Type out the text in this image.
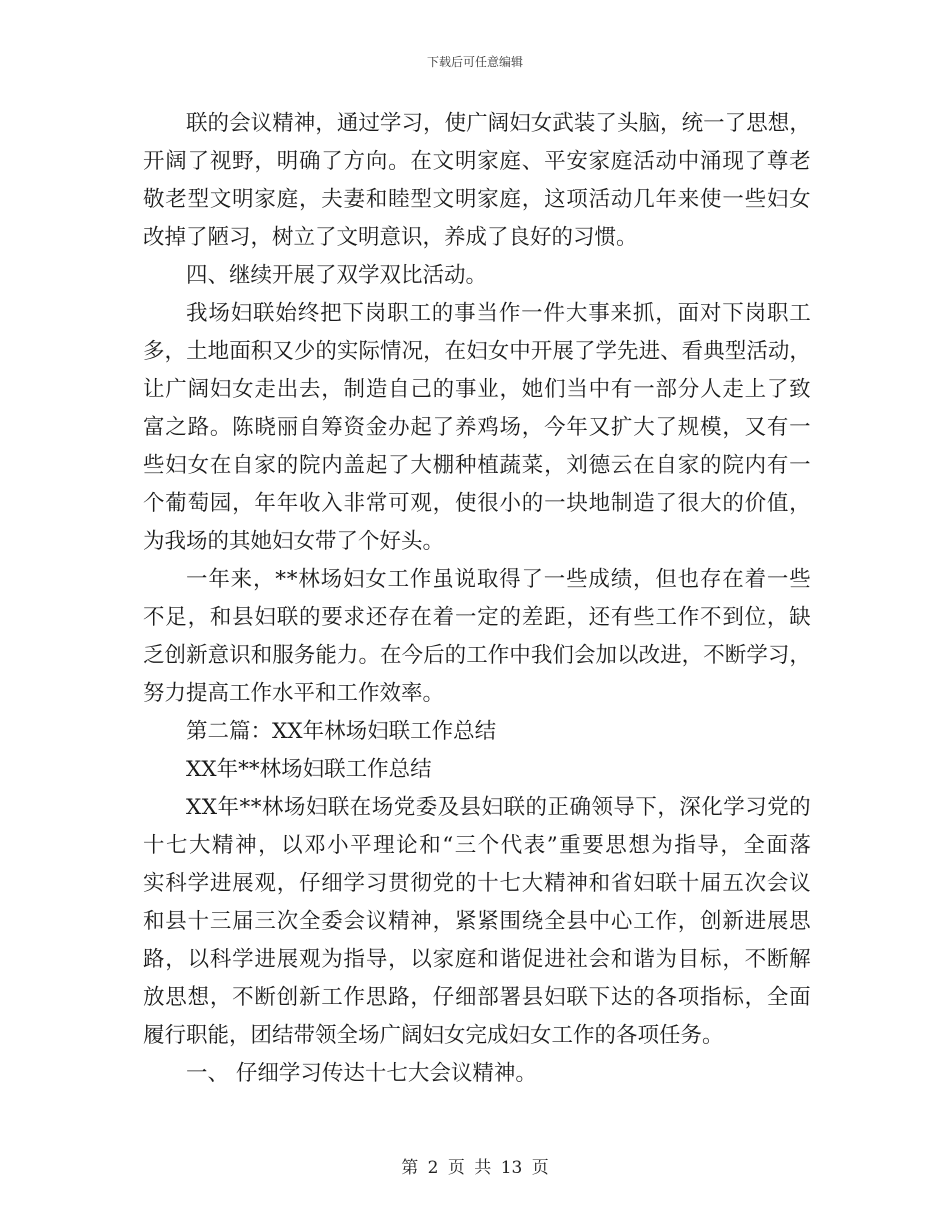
下载后可任意编辑
联 的 会 议 精 神 ， 通 过 学 习 ， 使 广 阔 妇 女 武 装 了 头 脑 ， 统 一 了 思 想 ，
开 阔 了 视 野 ， 明 确 了 方 向 。 在 文 明 家 庭 、 平 安 家 庭 活 动 中 涌 现 了 尊 老
敬 老 型 文 明 家 庭 ， 夫 妻 和 睦 型 文 明 家 庭 ， 这 项 活 动 几 年 来 使 一 些 妇 女
改掉了陋习，树立了文明意识，养成了良好的习惯。
四、继续开展了双学双比活动。
我 场 妇 联 始 终 把 下 岗 职 工 的 事 当 作 一 件 大 事 来 抓 ， 面 对 下 岗 职 工
多 ， 土 地 面 积 又 少 的 实 际 情 况 ， 在 妇 女 中 开 展 了 学 先 进 、 看 典 型 活 动 ，
让 广 阔 妇 女 走 出 去 ， 制 造 自 己 的 事 业 ， 她 们 当 中 有 一 部 分 人 走 上 了 致
富 之 路 。 陈 晓 丽 自 筹 资 金 办 起 了 养 鸡 场 ， 今 年 又 扩 大 了 规 模 ， 又 有 一
些 妇 女 在 自 家 的 院 内 盖 起 了 大 棚 种 植 蔬 菜 ， 刘 德 云 在 自 家 的 院 内 有 一
个 葡 萄 园 ， 年 年 收 入 非 常 可 观 ， 使 很 小 的 一 块 地 制 造 了 很 大 的 价 值 ，
为我场的其她妇女带了个好头。
一 年 来 ， * * 林 场 妇 女 工 作 虽 说 取 得 了 一 些 成 绩 ， 但 也 存 在 着 一 些
不 足 ， 和 县 妇 联 的 要 求 还 存 在 着 一 定 的 差 距 ， 还 有 些 工 作 不 到 位 ， 缺
乏 创 新 意 识 和 服 务 能 力 。 在 今 后 的 工 作 中 我 们 会 加 以 改 进 ， 不 断 学 习 ，
努力提高工作水平和工作效率。
第二篇：XX年林场妇联工作总结
XX年**林场妇联工作总结
X X 年 * * 林 场 妇 联 在 场 党 委 及 县 妇 联 的 正 确 领 导 下 ， 深 化 学 习 党 的
十 七 大 精 神 ， 以 邓 小 平 理 论 和 “ 三 个 代 表 ” 重 要 思 想 为 指 导 ， 全 面 落
实 科 学 进 展 观 ， 仔 细 学 习 贯 彻 党 的 十 七 大 精 神 和 省 妇 联 十 届 五 次 会 议
和 县 十 三 届 三 次 全 委 会 议 精 神 ， 紧 紧 围 绕 全 县 中 心 工 作 ， 创 新 进 展 思
路 ， 以 科 学 进 展 观 为 指 导 ， 以 家 庭 和 谐 促 进 社 会 和 谐 为 目 标 ， 不 断 解
放 思 想 ， 不 断 创 新 工 作 思 路 ， 仔 细 部 署 县 妇 联 下 达 的 各 项 指 标 ， 全 面
履行职能，团结带领全场广阔妇女完成妇女工作的各项任务。
一、 仔细学习传达十七大会议精神。
第 2 页 共 13 页
